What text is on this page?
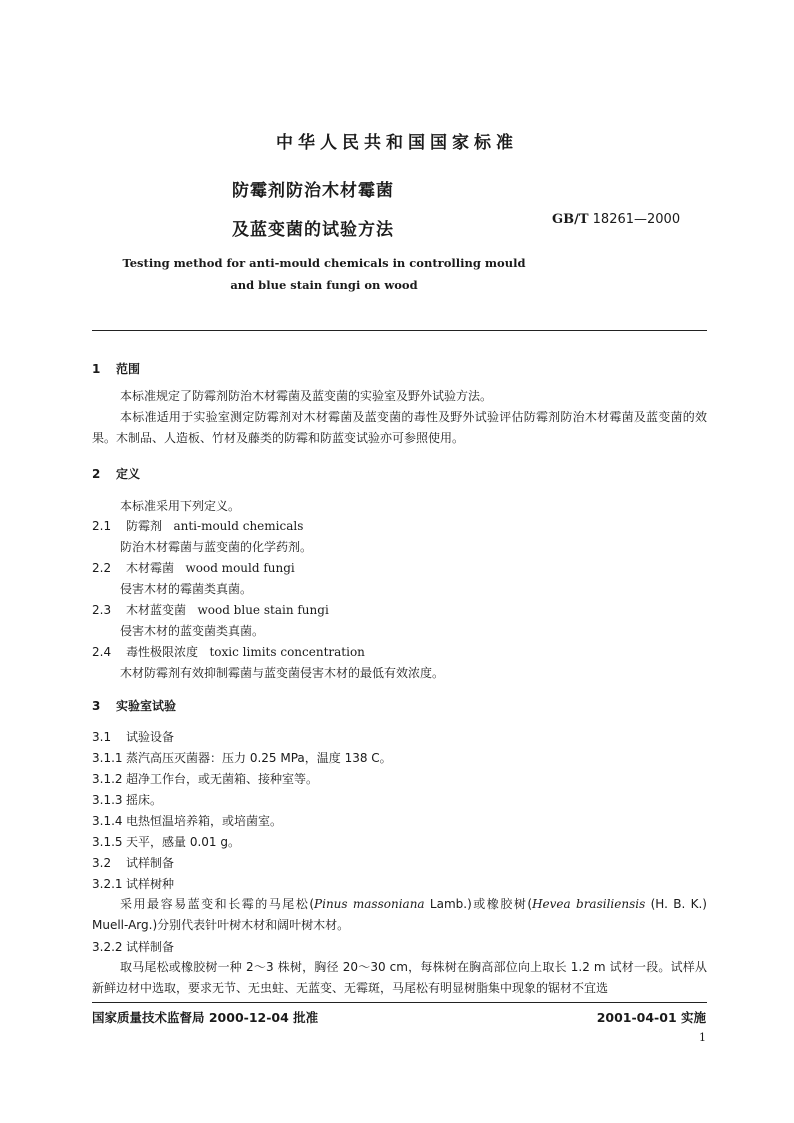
中华人民共和国国家标准
防霉剂防治木材霉菌
及蓝变菌的试验方法
GB/T 18261—2000
Testing method for anti-mould chemicals in controlling mould
and blue stain fungi on wood
1 范围
本标准规定了防霉剂防治木材霉菌及蓝变菌的实验室及野外试验方法。
本标准适用于实验室测定防霉剂对木材霉菌及蓝变菌的毒性及野外试验评估防霉剂防治木材霉菌及蓝变菌的效果。木制品、人造板、竹材及藤类的防霉和防蓝变试验亦可参照使用。
2 定义
本标准采用下列定义。
2.1 防霉剂 anti-mould chemicals
防治木材霉菌与蓝变菌的化学药剂。
2.2 木材霉菌 wood mould fungi
侵害木材的霉菌类真菌。
2.3 木材蓝变菌 wood blue stain fungi
侵害木材的蓝变菌类真菌。
2.4 毒性极限浓度 toxic limits concentration
木材防霉剂有效抑制霉菌与蓝变菌侵害木材的最低有效浓度。
3 实验室试验
3.1 试验设备
3.1.1 蒸汽高压灭菌器：压力 0.25 MPa，温度 138 C。
3.1.2 超净工作台，或无菌箱、接种室等。
3.1.3 摇床。
3.1.4 电热恒温培养箱，或培菌室。
3.1.5 天平，感量 0.01 g。
3.2 试样制备
3.2.1 试样树种
采用最容易蓝变和长霉的马尾松(Pinus massoniana Lamb.)或橡胶树(Hevea brasiliensis (H. B. K.) Muell-Arg.)分别代表针叶树木材和阔叶树木材。
3.2.2 试样制备
取马尾松或橡胶树一种 2～3 株树，胸径 20～30 cm，每株树在胸高部位向上取长 1.2 m 试材一段。试样从新鲜边材中选取，要求无节、无虫蛀、无蓝变、无霉斑，马尾松有明显树脂集中现象的锯材不宜选
国家质量技术监督局 2000-12-04 批准	2001-04-01 实施
1
